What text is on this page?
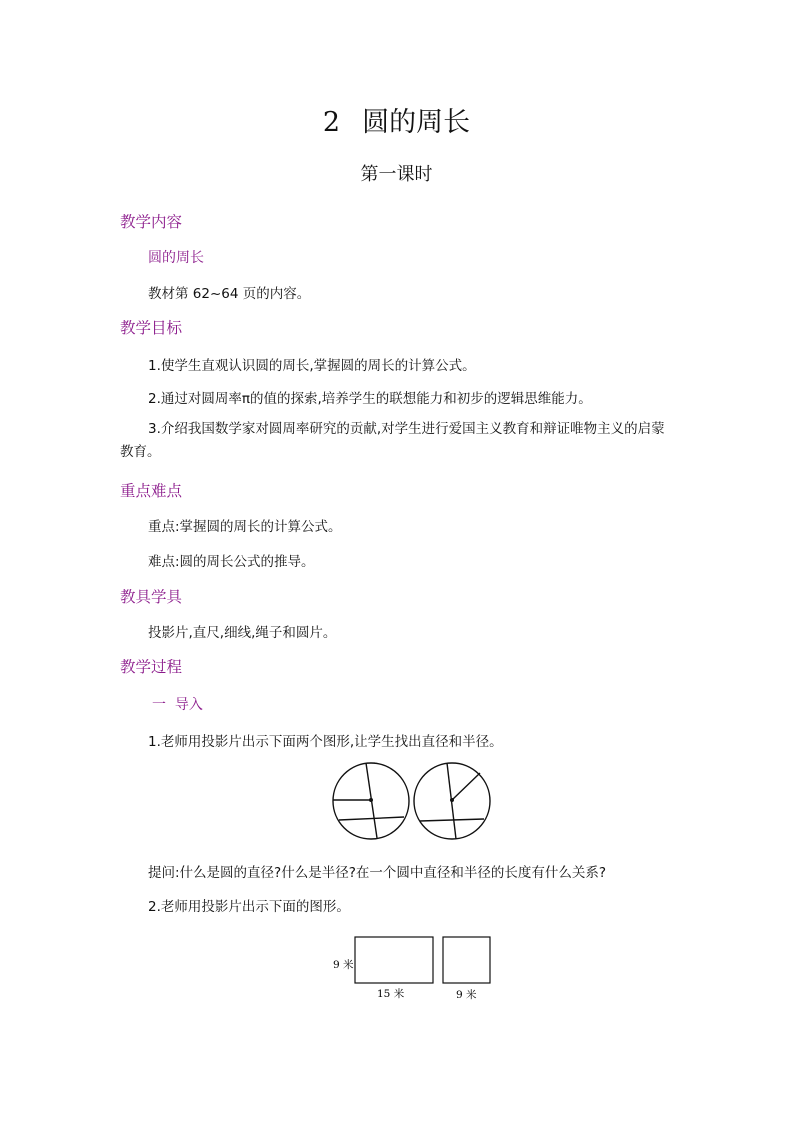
2 圆的周长
第一课时
教学内容
圆的周长
教材第 62~64 页的内容。
教学目标
1.使学生直观认识圆的周长,掌握圆的周长的计算公式。
2.通过对圆周率π的值的探索,培养学生的联想能力和初步的逻辑思维能力。
3.介绍我国数学家对圆周率研究的贡献,对学生进行爱国主义教育和辩证唯物主义的启蒙教育。
重点难点
重点:掌握圆的周长的计算公式。
难点:圆的周长公式的推导。
教具学具
投影片,直尺,细线,绳子和圆片。
教学过程
一  导入
1.老师用投影片出示下面两个图形,让学生找出直径和半径。
提问:什么是圆的直径?什么是半径?在一个圆中直径和半径的长度有什么关系?
2.老师用投影片出示下面的图形。
9 米
15 米	9 米
